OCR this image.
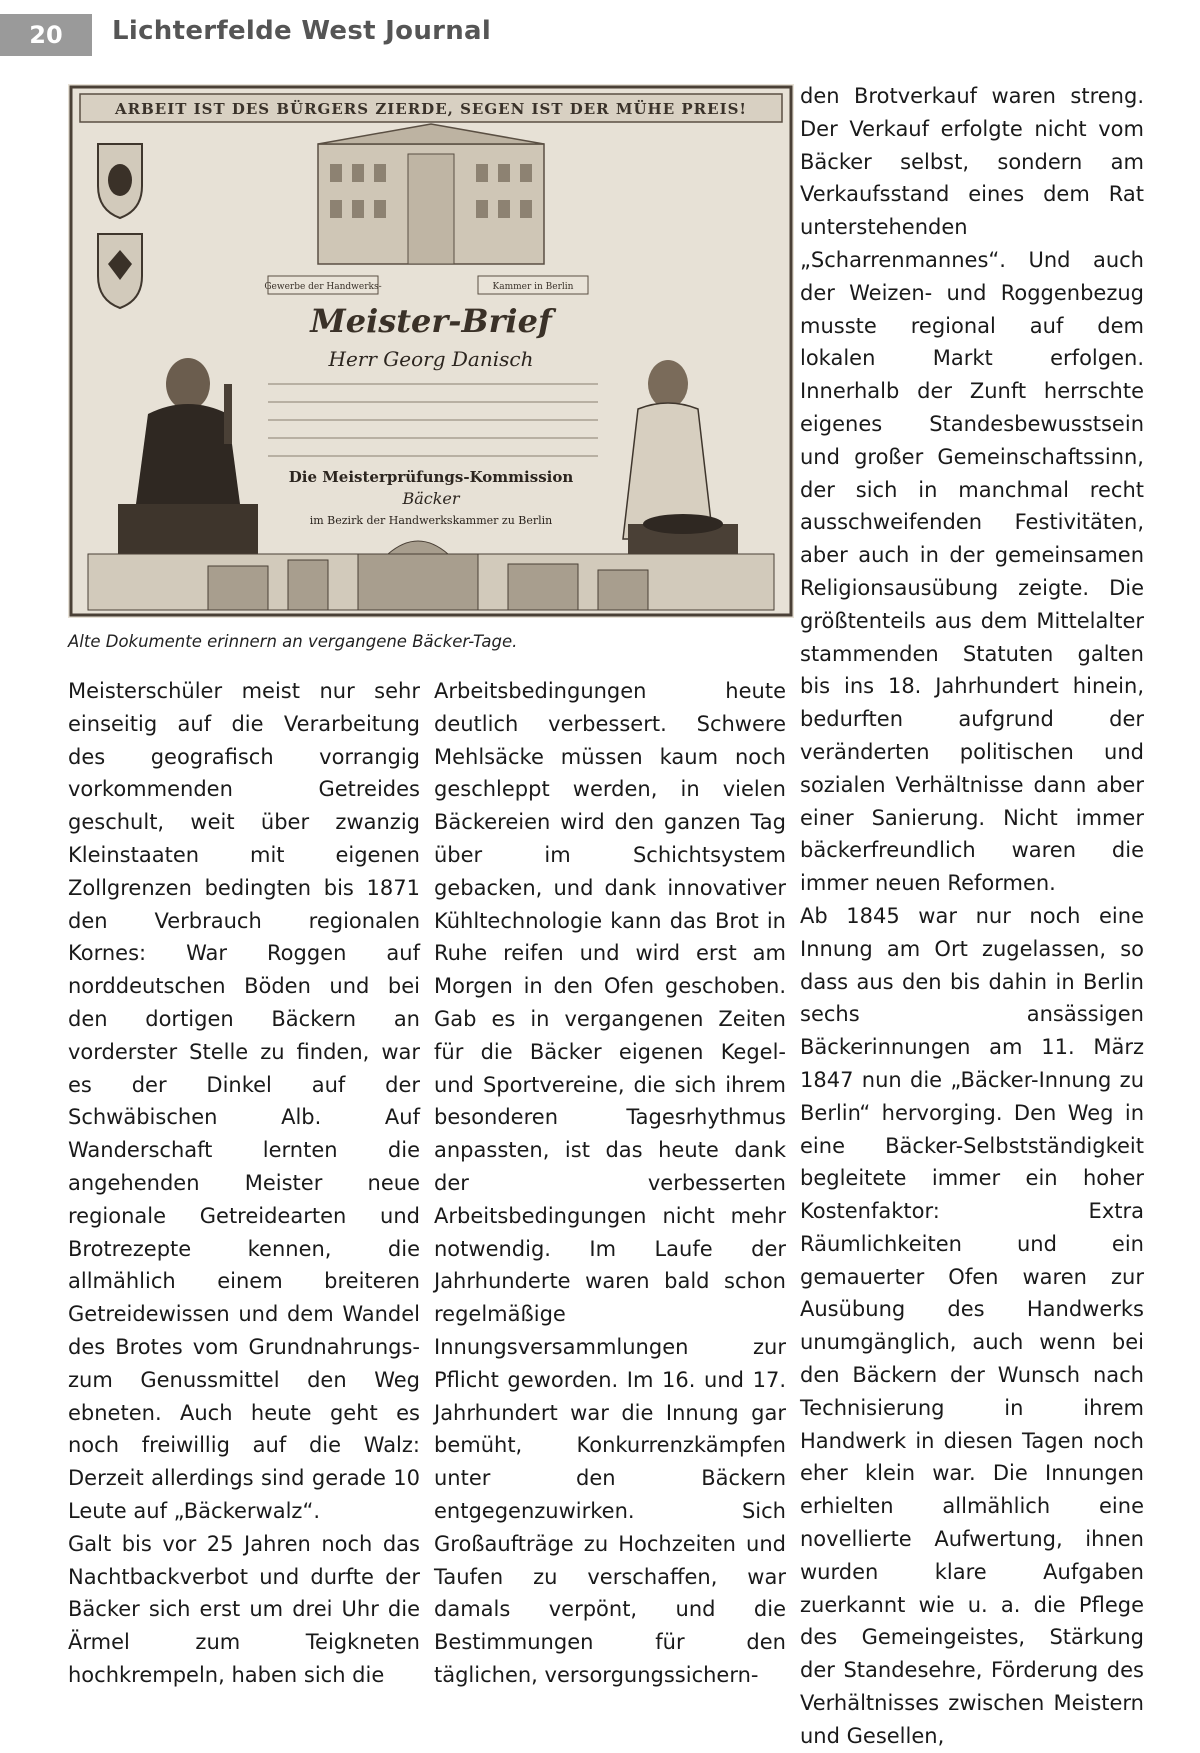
20	Lichterfelde West Journal
ARBEIT IST DES BÜRGERS ZIERDE, SEGEN IST DER MÜHE PREIS!
Gewerbe der Handwerks-	Kammer in Berlin
Meister-Brief
Herr Georg Danisch
Die Meisterprüfungs-Kommission
Bäcker
im Bezirk der Handwerkskammer zu Berlin
Alte Dokumente erinnern an vergangene Bäcker-Tage.

Meisterschüler meist nur sehr einseitig auf die Verarbeitung des geografisch vorrangig vorkommenden Getreides geschult, weit über zwanzig Kleinstaaten mit eigenen Zollgrenzen bedingten bis 1871 den Verbrauch regionalen Kornes: War Roggen auf norddeutschen Böden und bei den dortigen Bäckern an vorderster Stelle zu finden, war es der Dinkel auf der Schwäbischen Alb. Auf Wanderschaft lernten die angehenden Meister neue regionale Getreidearten und Brotrezepte kennen, die allmählich einem breiteren Getreidewissen und dem Wandel des Brotes vom Grundnahrungs- zum Genussmittel den Weg ebneten. Auch heute geht es noch freiwillig auf die Walz: Derzeit allerdings sind gerade 10 Leute auf „Bäckerwalz“.

Galt bis vor 25 Jahren noch das Nachtbackverbot und durfte der Bäcker sich erst um drei Uhr die Ärmel zum Teigkneten hochkrempeln, haben sich die

Arbeitsbedingungen heute deutlich verbessert. Schwere Mehlsäcke müssen kaum noch geschleppt werden, in vielen Bäckereien wird den ganzen Tag über im Schichtsystem gebacken, und dank innovativer Kühltechnologie kann das Brot in Ruhe reifen und wird erst am Morgen in den Ofen geschoben. Gab es in vergangenen Zeiten für die Bäcker eigenen Kegel- und Sportvereine, die sich ihrem besonderen Tagesrhythmus anpassten, ist das heute dank der verbesserten Arbeitsbedingungen nicht mehr notwendig. Im Laufe der Jahrhunderte waren bald schon regelmäßige Innungsversammlungen zur Pflicht geworden. Im 16. und 17. Jahrhundert war die Innung gar bemüht, Konkurrenzkämpfen unter den Bäckern entgegenzuwirken. Sich Großaufträge zu Hochzeiten und Taufen zu verschaffen, war damals verpönt, und die Bestimmungen für den täglichen, versorgungssichern-

den Brotverkauf waren streng. Der Verkauf erfolgte nicht vom Bäcker selbst, sondern am Verkaufsstand eines dem Rat unterstehenden „Scharrenmannes“. Und auch der Weizen- und Roggenbezug musste regional auf dem lokalen Markt erfolgen. Innerhalb der Zunft herrschte eigenes Standesbewusstsein und großer Gemeinschaftssinn, der sich in manchmal recht ausschweifenden Festivitäten, aber auch in der gemeinsamen Religionsausübung zeigte. Die größtenteils aus dem Mittelalter stammenden Statuten galten bis ins 18. Jahrhundert hinein, bedurften aufgrund der veränderten politischen und sozialen Verhältnisse dann aber einer Sanierung. Nicht immer bäckerfreundlich waren die immer neuen Reformen.

Ab 1845 war nur noch eine Innung am Ort zugelassen, so dass aus den bis dahin in Berlin sechs ansässigen Bäckerinnungen am 11. März 1847 nun die „Bäcker-Innung zu Berlin“ hervorging. Den Weg in eine Bäcker-Selbstständigkeit begleitete immer ein hoher Kostenfaktor: Extra Räumlichkeiten und ein gemauerter Ofen waren zur Ausübung des Handwerks unumgänglich, auch wenn bei den Bäckern der Wunsch nach Technisierung in ihrem Handwerk in diesen Tagen noch eher klein war. Die Innungen erhielten allmählich eine novellierte Aufwertung, ihnen wurden klare Aufgaben zuerkannt wie u. a. die Pflege des Gemeingeistes, Stärkung der Standesehre, Förderung des Verhältnisses zwischen Meistern und Gesellen,
